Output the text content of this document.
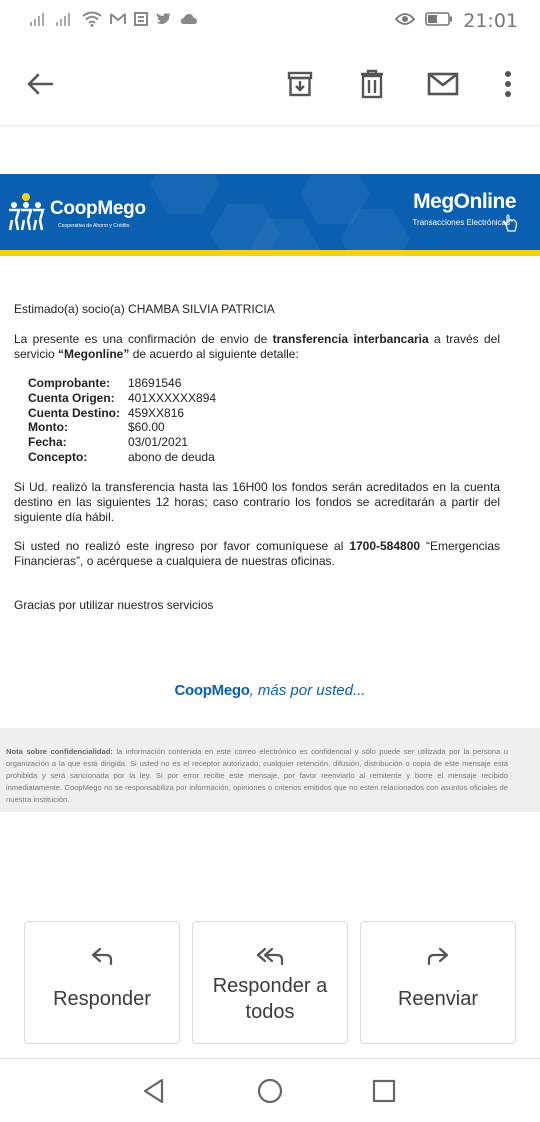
21:01
CoopMego
Cooperativa de Ahorro y Crédito
MegOnline
Transacciones Electrónicas
Estimado(a) socio(a) CHAMBA SILVIA PATRICIA
La presente es una confirmación de envio de transferencia interbancaria a través del servicio “Megonline” de acuerdo al siguiente detalle:
Comprobante:	18691546
Cuenta Origen:	401XXXXXX894
Cuenta Destino: 459XX816
Monto:	$60.00
Fecha:	03/01/2021
Concepto:	abono de deuda
Si Ud. realizó la transferencia hasta las 16H00 los fondos serán acreditados en la cuenta destino en las siguientes 12 horas; caso contrario los fondos se acreditarán a partir del siguiente día hábil.
Si usted no realizó este ingreso por favor comuníquese al 1700-584800 “Emergencias Financieras”, o acérquese a cualquiera de nuestras oficinas.
Gracias por utilizar nuestros servicios
CoopMego, más por usted...
Nota sobre confidencialidad: la información contenida en este correo electrónico es confidencial y sólo puede ser utilizada por la persona u organización a la que está dirigida. Si usted no es el receptor autorizado, cualquier retención, difusión, distribución o copia de este mensaje está prohibida y será sancionada por la ley. Si por error recibe este mensaje, por favor reenviarlo al remitente y borre el mensaje recibido inmediatamente. CoopMego no se responsabiliza por información, opiniones o criterios emitidos que no esten relacionados con asuntos oficiales de nuestra institución.
Responder
Responder a
todos
Reenviar
